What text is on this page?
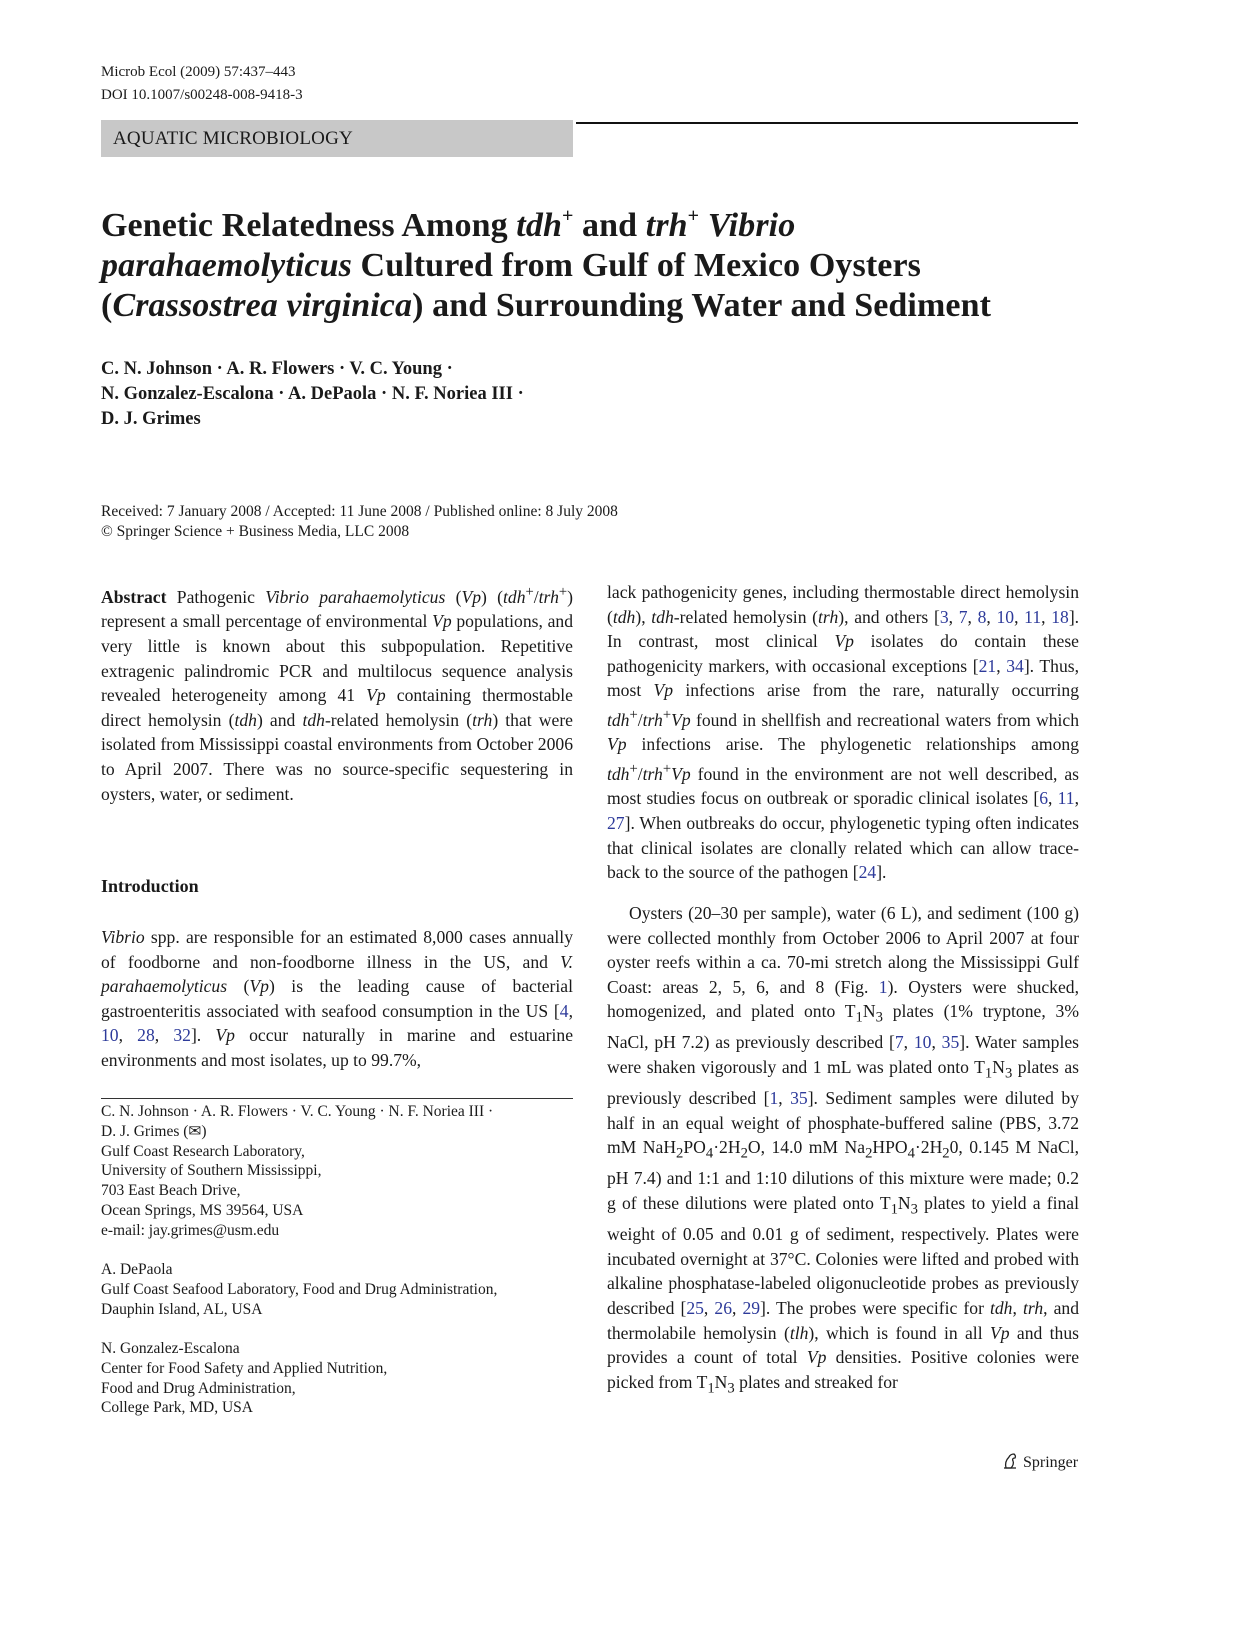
Microb Ecol (2009) 57:437–443
DOI 10.1007/s00248-008-9418-3
AQUATIC MICROBIOLOGY
Genetic Relatedness Among tdh+ and trh+ Vibrio
parahaemolyticus Cultured from Gulf of Mexico Oysters
(Crassostrea virginica) and Surrounding Water and Sediment
C. N. Johnson · A. R. Flowers · V. C. Young ·
N. Gonzalez-Escalona · A. DePaola · N. F. Noriea III ·
D. J. Grimes
Received: 7 January 2008 / Accepted: 11 June 2008 / Published online: 8 July 2008
© Springer Science + Business Media, LLC 2008

Abstract Pathogenic Vibrio parahaemolyticus (Vp) (tdh+/trh+) represent a small percentage of environmental Vp populations, and very little is known about this subpopulation. Repetitive extragenic palindromic PCR and multilocus sequence analysis revealed heterogeneity among 41 Vp containing thermostable direct hemolysin (tdh) and tdh-related hemolysin (trh) that were isolated from Mississippi coastal environments from October 2006 to April 2007. There was no source-specific sequestering in oysters, water, or sediment.

Introduction

Vibrio spp. are responsible for an estimated 8,000 cases annually of foodborne and non-foodborne illness in the US, and V. parahaemolyticus (Vp) is the leading cause of bacterial gastroenteritis associated with seafood consumption in the US [4, 10, 28, 32]. Vp occur naturally in marine and estuarine environments and most isolates, up to 99.7%,

C. N. Johnson · A. R. Flowers · V. C. Young · N. F. Noriea III ·
D. J. Grimes (✉)
Gulf Coast Research Laboratory,
University of Southern Mississippi,
703 East Beach Drive,
Ocean Springs, MS 39564, USA
e-mail: jay.grimes@usm.edu
A. DePaola
Gulf Coast Seafood Laboratory, Food and Drug Administration,
Dauphin Island, AL, USA
N. Gonzalez-Escalona
Center for Food Safety and Applied Nutrition,
Food and Drug Administration,
College Park, MD, USA

lack pathogenicity genes, including thermostable direct hemolysin (tdh), tdh-related hemolysin (trh), and others [3, 7, 8, 10, 11, 18]. In contrast, most clinical Vp isolates do contain these pathogenicity markers, with occasional exceptions [21, 34]. Thus, most Vp infections arise from the rare, naturally occurring tdh+/trh+Vp found in shellfish and recreational waters from which Vp infections arise. The phylogenetic relationships among tdh+/trh+Vp found in the environment are not well described, as most studies focus on outbreak or sporadic clinical isolates [6, 11, 27]. When outbreaks do occur, phylogenetic typing often indicates that clinical isolates are clonally related which can allow trace-back to the source of the pathogen [24].

Oysters (20–30 per sample), water (6 L), and sediment (100 g) were collected monthly from October 2006 to April 2007 at four oyster reefs within a ca. 70-mi stretch along the Mississippi Gulf Coast: areas 2, 5, 6, and 8 (Fig. 1). Oysters were shucked, homogenized, and plated onto $T_1N_3$ plates (1% tryptone, 3% NaCl, pH 7.2) as previously described [7, 10, 35]. Water samples were shaken vigorously and 1 mL was plated onto $T_1N_3$ plates as previously described [1, 35]. Sediment samples were diluted by half in an equal weight of phosphate-buffered saline (PBS, 3.72 mM $NaH_2PO_4\cdot 2H_2O$, 14.0 mM $Na_2HPO_4\cdot 2H_20$, 0.145 M NaCl, pH 7.4) and 1:1 and 1:10 dilutions of this mixture were made; 0.2 g of these dilutions were plated onto $T_1N_3$ plates to yield a final weight of 0.05 and 0.01 g of sediment, respectively. Plates were incubated overnight at 37°C. Colonies were lifted and probed with alkaline phosphatase-labeled oligonucleotide probes as previously described [25, 26, 29]. The probes were specific for tdh, trh, and thermolabile hemolysin (tlh), which is found in all Vp and thus provides a count of total Vp densities. Positive colonies were picked from $T_1N_3$ plates and streaked for

Springer
